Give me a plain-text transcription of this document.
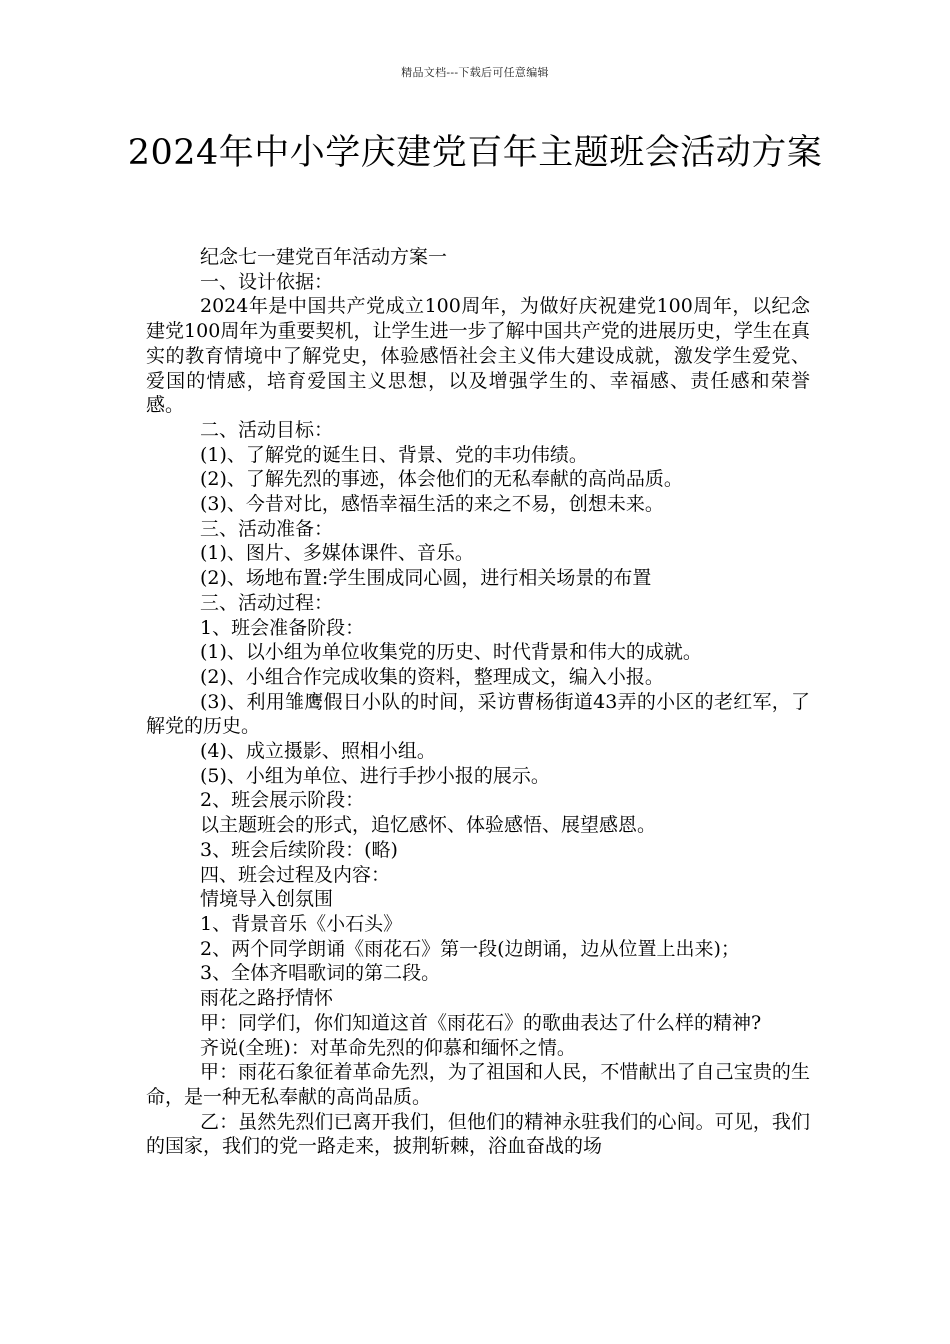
精品文档---下载后可任意编辑
2024年中小学庆建党百年主题班会活动方案

纪念七一建党百年活动方案一

一、设计依据：

2024年是中国共产党成立100周年，为做好庆祝建党100周年，以纪念建党100周年为重要契机，让学生进一步了解中国共产党的进展历史，学生在真实的教育情境中了解党史，体验感悟社会主义伟大建设成就，激发学生爱党、爱国的情感，培育爱国主义思想，以及增强学生的、幸福感、责任感和荣誉感。

二、活动目标：

(1)、了解党的诞生日、背景、党的丰功伟绩。

(2)、了解先烈的事迹，体会他们的无私奉献的高尚品质。

(3)、今昔对比，感悟幸福生活的来之不易，创想未来。

三、活动准备：

(1)、图片、多媒体课件、音乐。

(2)、场地布置:学生围成同心圆，进行相关场景的布置

三、活动过程：

1、班会准备阶段：

(1)、以小组为单位收集党的历史、时代背景和伟大的成就。

(2)、小组合作完成收集的资料，整理成文，编入小报。

(3)、利用雏鹰假日小队的时间，采访曹杨街道43弄的小区的老红军，了解党的历史。

(4)、成立摄影、照相小组。

(5)、小组为单位、进行手抄小报的展示。

2、班会展示阶段：

以主题班会的形式，追忆感怀、体验感悟、展望感恩。

3、班会后续阶段：(略)

四、班会过程及内容：

情境导入创氛围

1、背景音乐《小石头》

2、两个同学朗诵《雨花石》第一段(边朗诵，边从位置上出来)；

3、全体齐唱歌词的第二段。

雨花之路抒情怀

甲：同学们，你们知道这首《雨花石》的歌曲表达了什么样的精神?

齐说(全班)：对革命先烈的仰慕和缅怀之情。

甲：雨花石象征着革命先烈，为了祖国和人民，不惜献出了自己宝贵的生命，是一种无私奉献的高尚品质。

乙：虽然先烈们已离开我们，但他们的精神永驻我们的心间。可见，我们的国家，我们的党一路走来，披荆斩棘，浴血奋战的场
